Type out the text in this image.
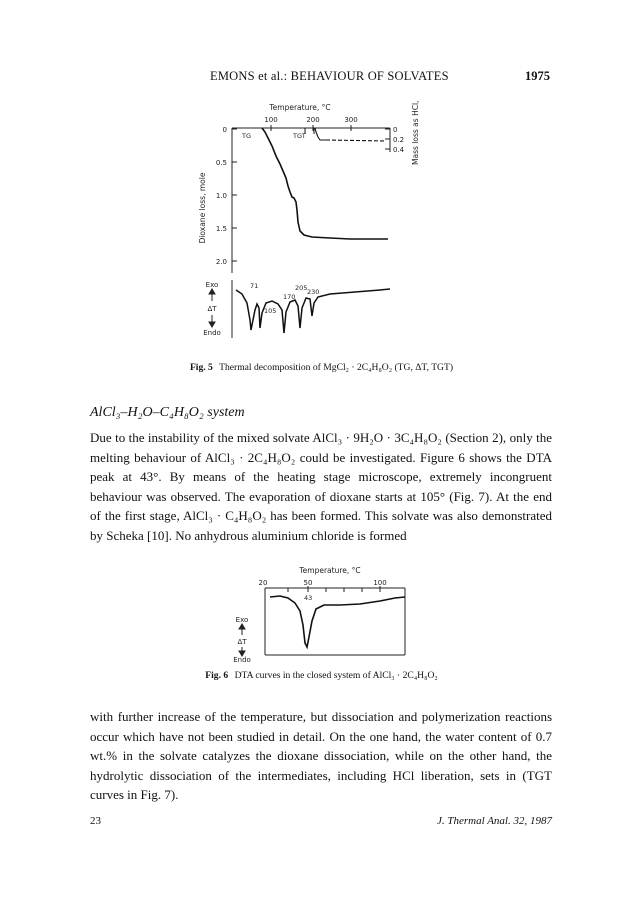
EMONS et al.: BEHAVIOUR OF SOLVATES	1975
Temperature, °C
100	200	300
0
0.5
1.0
1.5
2.0
Dioxane loss, mole
0
0.2
0.4 Mass loss as HCl, %
TG	TGT
Exo
ΔT
Endo
71
105
170
205 230
Fig. 5 Thermal decomposition of MgCl₂ · 2C₄H₈O₂ (TG, ΔT, TGT)
AlCl₃–H₂O–C₄H₈O₂ system

Due to the instability of the mixed solvate AlCl₃ · 9H₂O · 3C₄H₈O₂ (Section 2), only the melting behaviour of AlCl₃ · 2C₄H₈O₂ could be investigated. Figure 6 shows the DTA peak at 43°. By means of the heating stage microscope, extremely incongruent behaviour was observed. The evaporation of dioxane starts at 105° (Fig. 7). At the end of the first stage, AlCl₃ · C₄H₈O₂ has been formed. This solvate was also demonstrated by Scheka [10]. No anhydrous aluminium chloride is formed

Temperature, °C
20	50	100
43
Exo
ΔT
Endo
Fig. 6 DTA curves in the closed system of AlCl₃ · 2C₄H₈O₂

with further increase of the temperature, but dissociation and polymerization reactions occur which have not been studied in detail. On the one hand, the water content of 0.7 wt.% in the solvate catalyzes the dioxane dissociation, while on the other hand, the hydrolytic dissociation of the intermediates, including HCl liberation, sets in (TGT curves in Fig. 7).

23	J. Thermal Anal. 32, 1987
